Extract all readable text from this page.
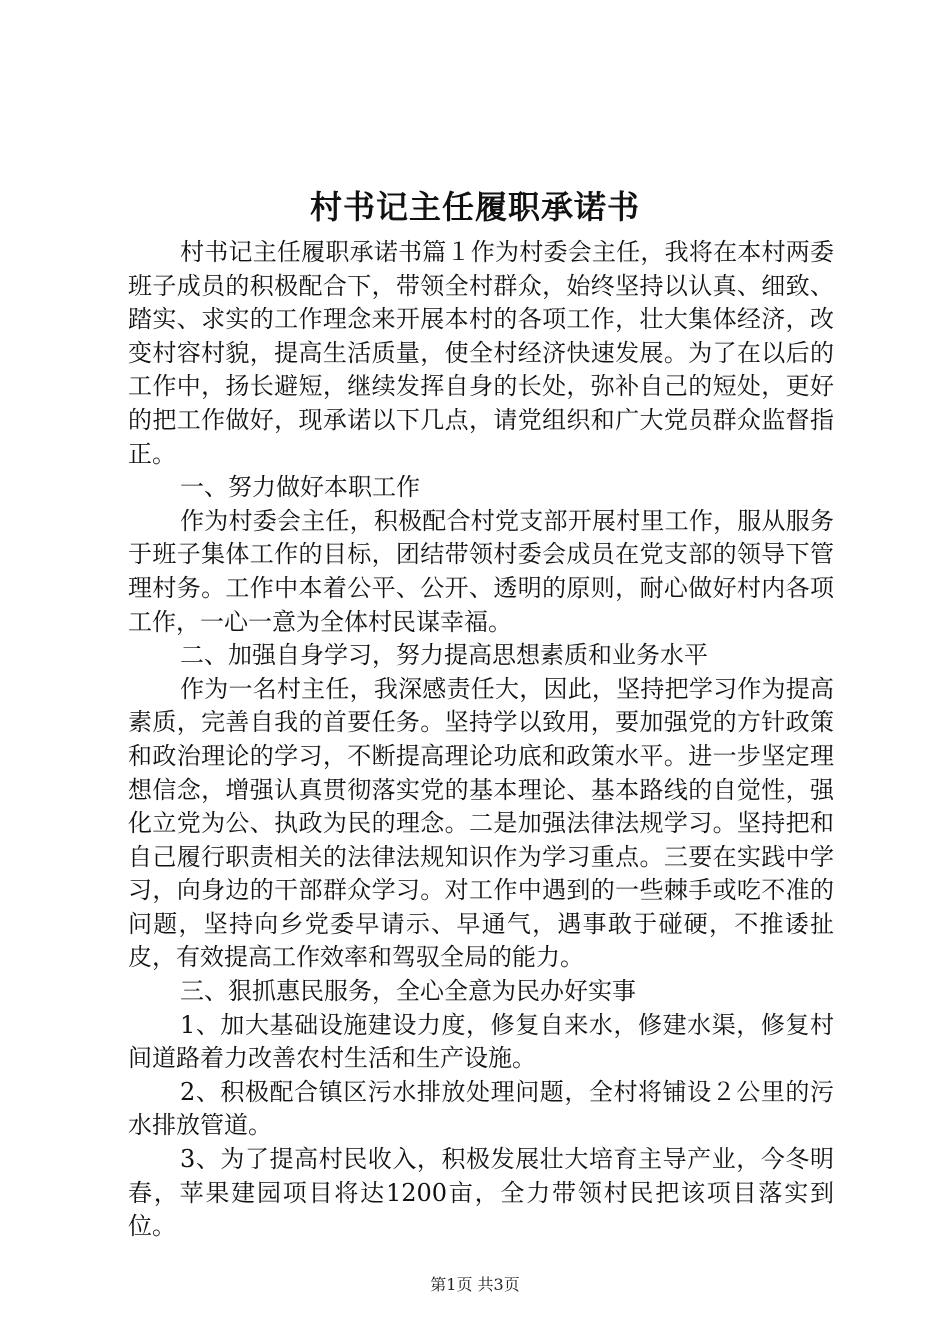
村书记主任履职承诺书

村书记主任履职承诺书篇１作为村委会主任，我将在本村两委班子成员的积极配合下，带领全村群众，始终坚持以认真、细致、踏实、求实的工作理念来开展本村的各项工作，壮大集体经济，改变村容村貌，提高生活质量，使全村经济快速发展。为了在以后的工作中，扬长避短，继续发挥自身的长处，弥补自己的短处，更好的把工作做好，现承诺以下几点，请党组织和广大党员群众监督指正。

一、努力做好本职工作

作为村委会主任，积极配合村党支部开展村里工作，服从服务于班子集体工作的目标，团结带领村委会成员在党支部的领导下管理村务。工作中本着公平、公开、透明的原则，耐心做好村内各项工作，一心一意为全体村民谋幸福。

二、加强自身学习，努力提高思想素质和业务水平

作为一名村主任，我深感责任大，因此，坚持把学习作为提高素质，完善自我的首要任务。坚持学以致用，要加强党的方针政策和政治理论的学习，不断提高理论功底和政策水平。进一步坚定理想信念，增强认真贯彻落实党的基本理论、基本路线的自觉性，强化立党为公、执政为民的理念。二是加强法律法规学习。坚持把和自己履行职责相关的法律法规知识作为学习重点。三要在实践中学习，向身边的干部群众学习。对工作中遇到的一些棘手或吃不准的问题，坚持向乡党委早请示、早通气，遇事敢于碰硬，不推诿扯皮，有效提高工作效率和驾驭全局的能力。

三、狠抓惠民服务，全心全意为民办好实事

1、加大基础设施建设力度，修复自来水，修建水渠，修复村间道路着力改善农村生活和生产设施。

2、积极配合镇区污水排放处理问题，全村将铺设２公里的污水排放管道。

3、为了提高村民收入，积极发展壮大培育主导产业，今冬明春，苹果建园项目将达1200亩，全力带领村民把该项目落实到位。

第1页 共3页
